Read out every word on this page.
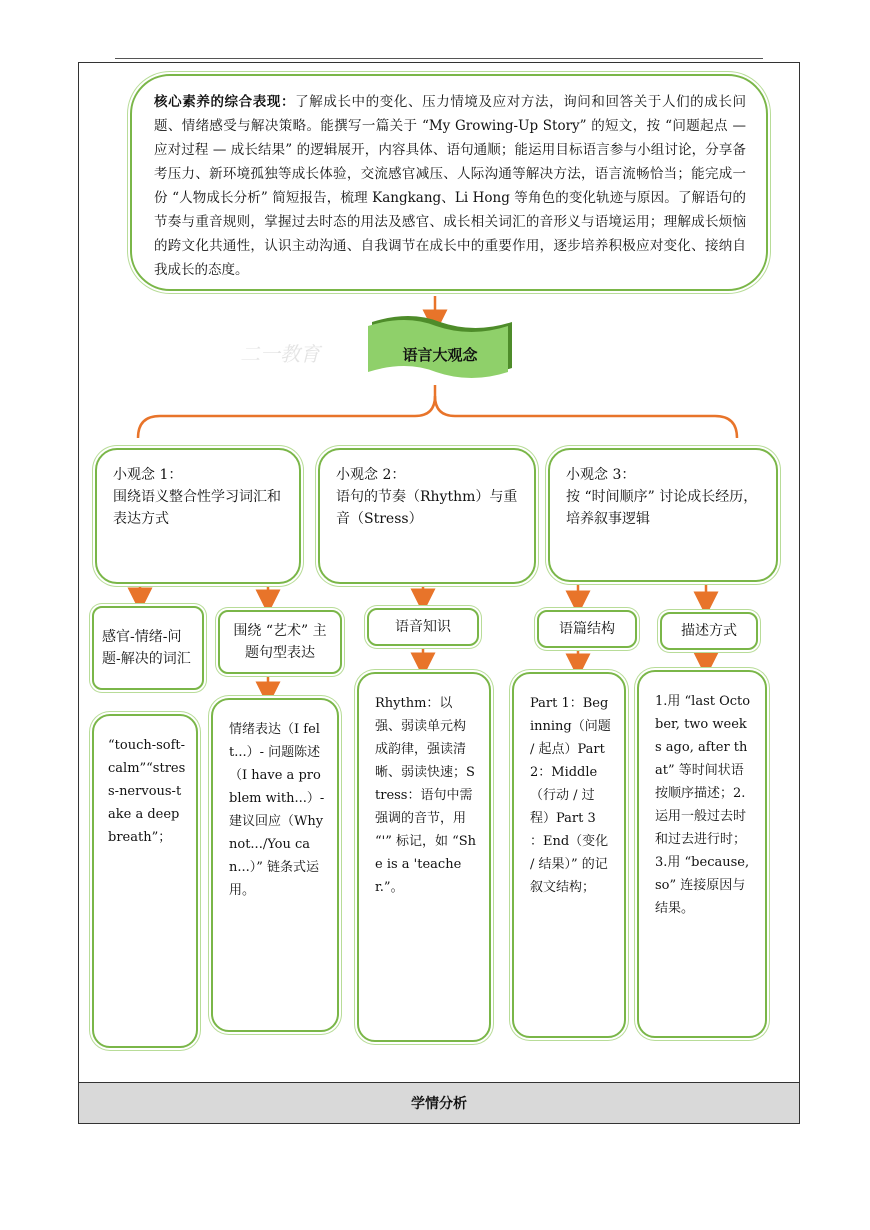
二一教育
核心素养的综合表现：了解成长中的变化、压力情境及应对方法，询问和回答关于人们的成长问题、情绪感受与解决策略。能撰写一篇关于 “My Growing-Up Story” 的短文，按 “问题起点 — 应对过程 — 成长结果” 的逻辑展开，内容具体、语句通顺；能运用目标语言参与小组讨论，分享备考压力、新环境孤独等成长体验，交流感官减压、人际沟通等解决方法，语言流畅恰当；能完成一份 “人物成长分析” 简短报告，梳理 Kangkang、Li Hong 等角色的变化轨迹与原因。了解语句的节奏与重音规则，掌握过去时态的用法及感官、成长相关词汇的音形义与语境运用；理解成长烦恼的跨文化共通性，认识主动沟通、自我调节在成长中的重要作用，逐步培养积极应对变化、接纳自我成长的态度。
语言大观念
小观念 1：
围绕语义整合性学习词汇和表达方式
小观念 2：
语句的节奏（Rhythm）与重音（Stress）
小观念 3：
按 “时间顺序” 讨论成长经历，培养叙事逻辑
感官-情绪-问题-解决的词汇
围绕 “艺术” 主题句型表达
语音知识	语篇结构	描述方式
“touch-soft-calm”“stress-nervous-take a deep breath”；
情绪表达（I felt...）- 问题陈述（I have a problem with...）- 建议回应（Why not.../You can...）” 链条式运用。
Rhythm：以强、弱读单元构成韵律，强读清晰、弱读快速；Stress：语句中需强调的音节，用 “'” 标记，如 “She is a 'teacher.”。
Part 1：Beginning（问题 / 起点）Part 2：Middle（行动 / 过程）Part 3 ：End（变化 / 结果）” 的记叙文结构；
1.用 “last October, two weeks ago, after that” 等时间状语按顺序描述；2.运用一般过去时和过去进行时；3.用 “because, so” 连接原因与结果。
学情分析
